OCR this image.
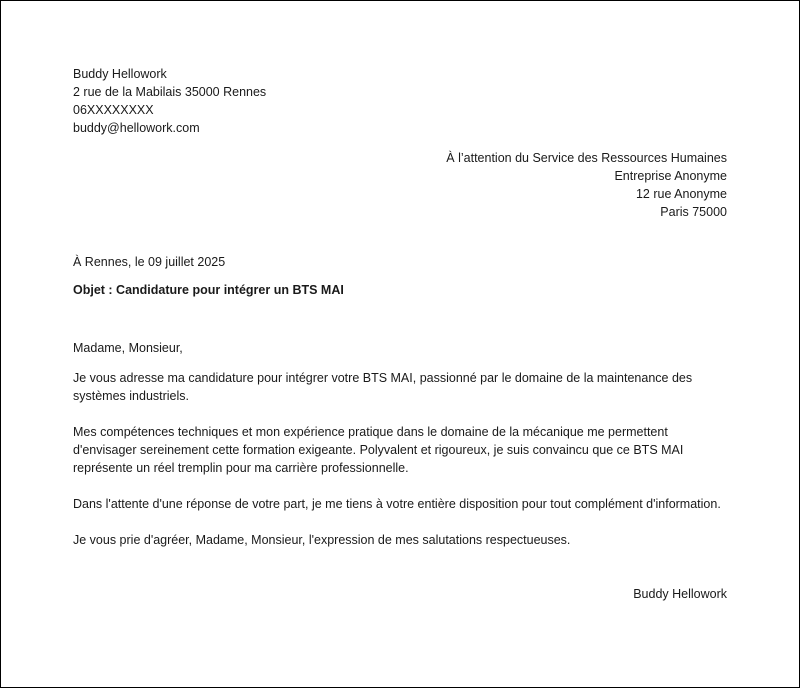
Buddy Hellowork
2 rue de la Mabilais 35000 Rennes
06XXXXXXXX
buddy@hellowork.com
À l’attention du Service des Ressources Humaines
Entreprise Anonyme
12 rue Anonyme
Paris 75000
À Rennes, le 09 juillet 2025
Objet : Candidature pour intégrer un BTS MAI
Madame, Monsieur,
Je vous adresse ma candidature pour intégrer votre BTS MAI, passionné par le domaine de la maintenance des systèmes industriels.
Mes compétences techniques et mon expérience pratique dans le domaine de la mécanique me permettent d'envisager sereinement cette formation exigeante. Polyvalent et rigoureux, je suis convaincu que ce BTS MAI représente un réel tremplin pour ma carrière professionnelle.
Dans l'attente d'une réponse de votre part, je me tiens à votre entière disposition pour tout complément d'information.
Je vous prie d'agréer, Madame, Monsieur, l'expression de mes salutations respectueuses.
Buddy Hellowork
